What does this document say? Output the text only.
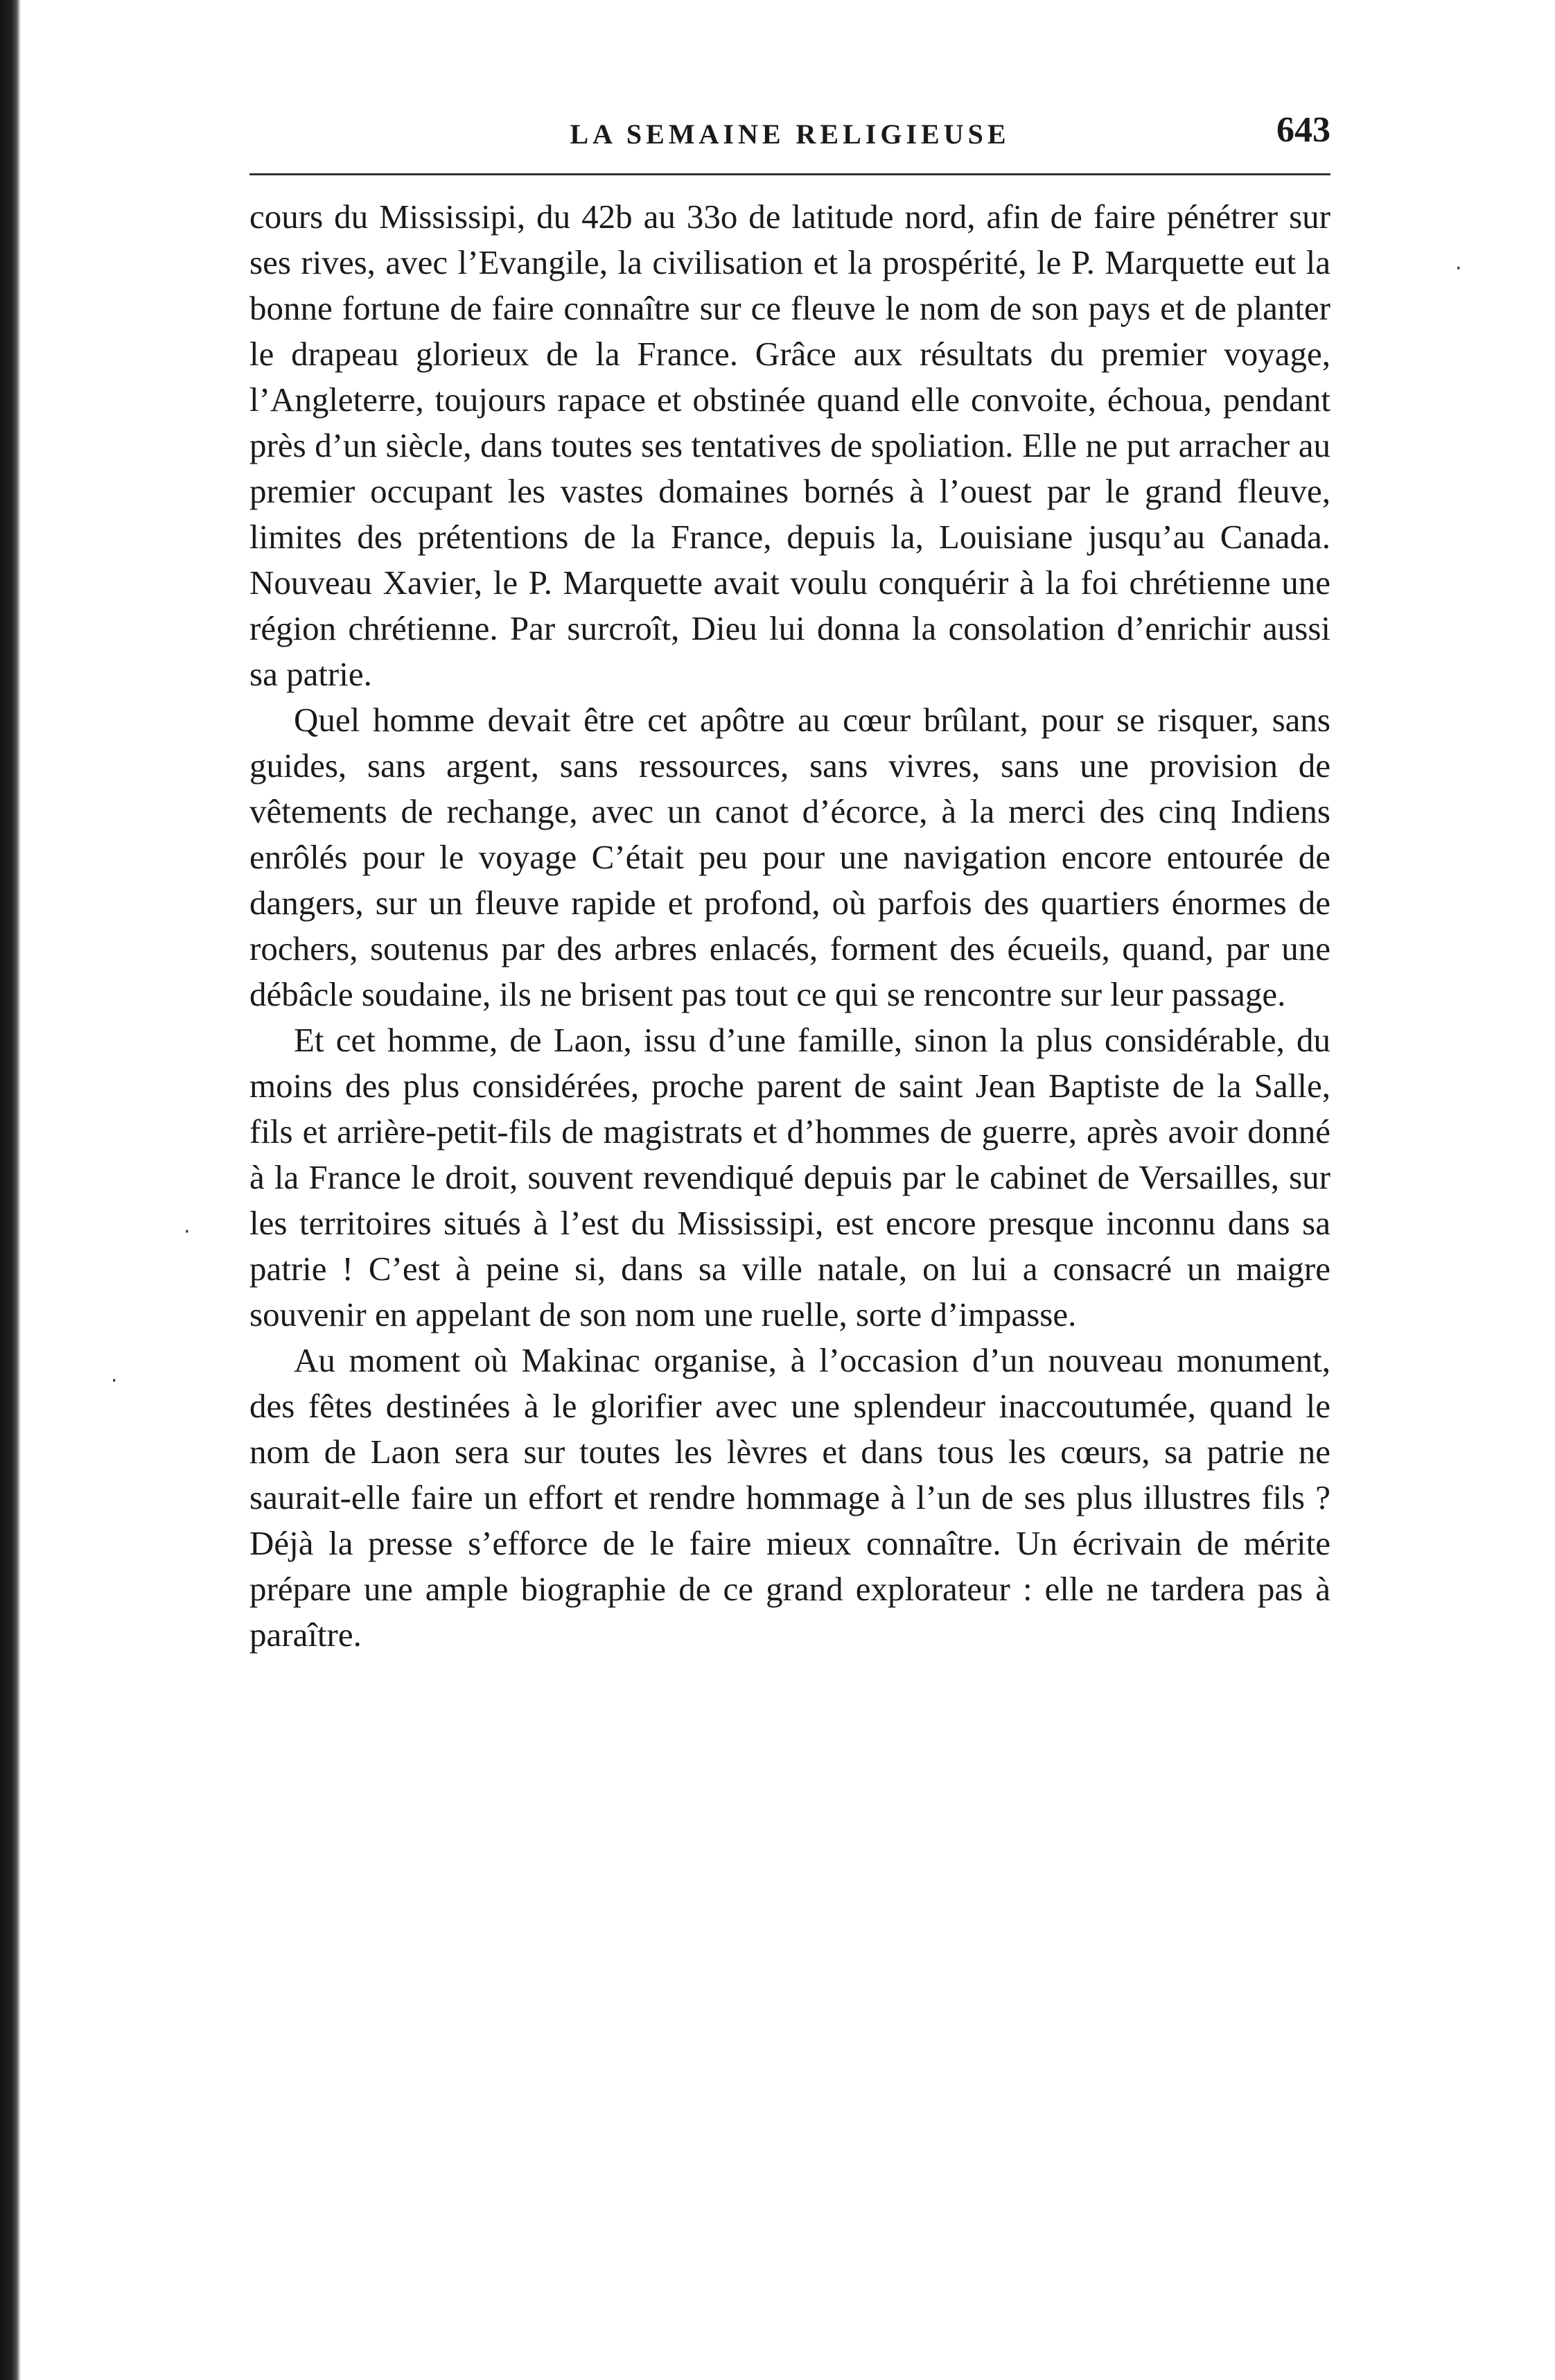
LA SEMAINE RELIGIEUSE	643

cours du Mississipi, du 42b au 33o de latitude nord, afin de faire pénétrer sur ses rives, avec l’Evangile, la civilisation et la prospérité, le P. Marquette eut la bonne fortune de faire connaître sur ce fleuve le nom de son pays et de planter le drapeau glorieux de la France. Grâce aux résultats du premier voyage, l’Angleterre, toujours rapace et obstinée quand elle convoite, échoua, pendant près d’un siècle, dans toutes ses tentatives de spoliation. Elle ne put arracher au premier occupant les vastes domaines bornés à l’ouest par le grand fleuve, limites des prétentions de la France, depuis la, Louisiane jusqu’au Canada. Nouveau Xavier, le P. Marquette avait voulu conquérir à la foi chrétienne une région chrétienne. Par surcroît, Dieu lui donna la consolation d’enrichir aussi sa patrie.

Quel homme devait être cet apôtre au cœur brûlant, pour se risquer, sans guides, sans argent, sans ressources, sans vivres, sans une provision de vêtements de rechange, avec un canot d’écorce, à la merci des cinq Indiens enrôlés pour le voyage C’était peu pour une navigation encore entourée de dangers, sur un fleuve rapide et profond, où parfois des quartiers énormes de rochers, soutenus par des arbres enlacés, forment des écueils, quand, par une débâcle soudaine, ils ne brisent pas tout ce qui se rencontre sur leur passage.

Et cet homme, de Laon, issu d’une famille, sinon la plus considérable, du moins des plus considérées, proche parent de saint Jean Baptiste de la Salle, fils et arrière-petit-fils de magistrats et d’hommes de guerre, après avoir donné à la France le droit, souvent revendiqué depuis par le cabinet de Versailles, sur les territoires situés à l’est du Mississipi, est encore presque inconnu dans sa patrie ! C’est à peine si, dans sa ville natale, on lui a consacré un maigre souvenir en appelant de son nom une ruelle, sorte d’impasse.

Au moment où Makinac organise, à l’occasion d’un nouveau monument, des fêtes destinées à le glorifier avec une splendeur inaccoutumée, quand le nom de Laon sera sur toutes les lèvres et dans tous les cœurs, sa patrie ne saurait-elle faire un effort et rendre hommage à l’un de ses plus illustres fils ? Déjà la presse s’efforce de le faire mieux connaître. Un écrivain de mérite prépare une ample biographie de ce grand explorateur : elle ne tardera pas à paraître.

·
·
·
